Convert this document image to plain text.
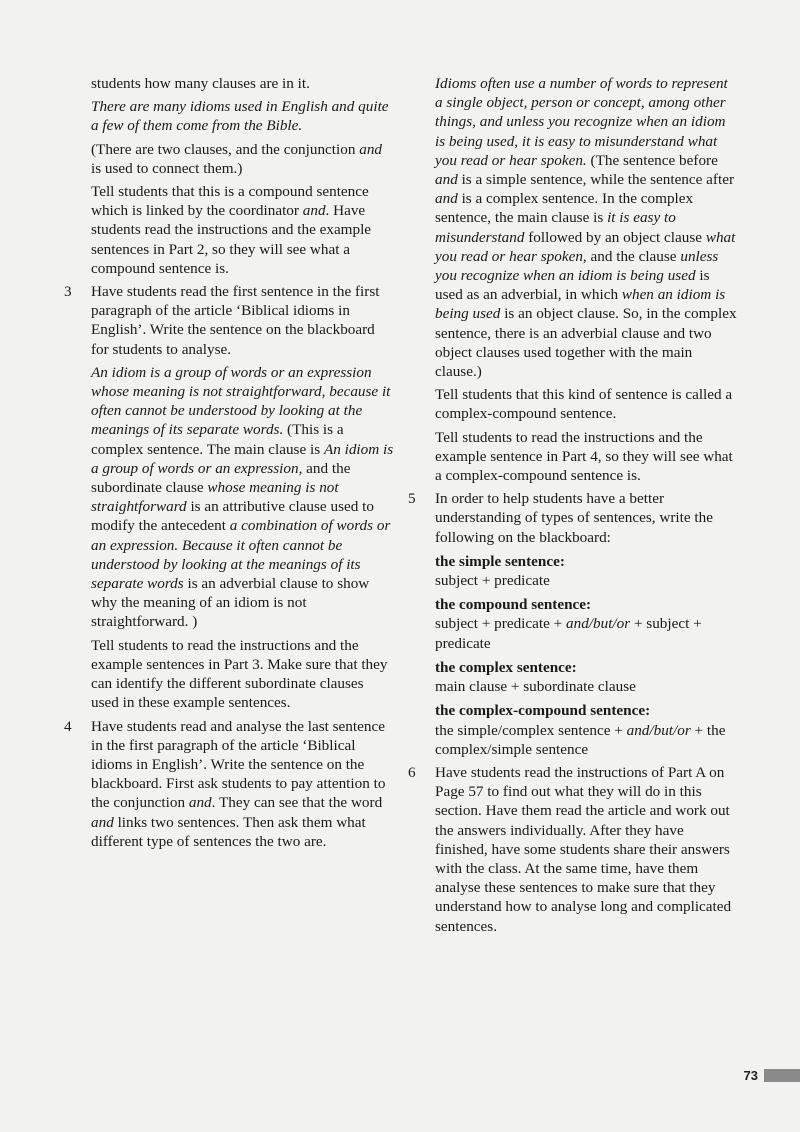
students how many clauses are in it.

There are many idioms used in English and quite a few of them come from the Bible.

(There are two clauses, and the conjunction and is used to connect them.)

Tell students that this is a compound sentence which is linked by the coordinator and. Have students read the instructions and the example sentences in Part 2, so they will see what a compound sentence is.

3 Have students read the first sentence in the first paragraph of the article ‘Biblical idioms in English’. Write the sentence on the blackboard for students to analyse.

An idiom is a group of words or an expression whose meaning is not straightforward, because it often cannot be understood by looking at the meanings of its separate words. (This is a complex sentence. The main clause is An idiom is a group of words or an expression, and the subordinate clause whose meaning is not straightforward is an attributive clause used to modify the antecedent a combination of words or an expression. Because it often cannot be understood by looking at the meanings of its separate words is an adverbial clause to show why the meaning of an idiom is not straightforward. )

Tell students to read the instructions and the example sentences in Part 3. Make sure that they can identify the different subordinate clauses used in these example sentences.

4 Have students read and analyse the last sentence in the first paragraph of the article ‘Biblical idioms in English’. Write the sentence on the blackboard. First ask students to pay attention to the conjunction and. They can see that the word and links two sentences. Then ask them what different type of sentences the two are.

Idioms often use a number of words to represent a single object, person or concept, among other things, and unless you recognize when an idiom is being used, it is easy to misunderstand what you read or hear spoken. (The sentence before and is a simple sentence, while the sentence after and is a complex sentence. In the complex sentence, the main clause is it is easy to misunderstand followed by an object clause what you read or hear spoken, and the clause unless you recognize when an idiom is being used is used as an adverbial, in which when an idiom is being used is an object clause. So, in the complex sentence, there is an adverbial clause and two object clauses used together with the main clause.)

Tell students that this kind of sentence is called a complex-compound sentence.

Tell students to read the instructions and the example sentence in Part 4, so they will see what a complex-compound sentence is.

5 In order to help students have a better understanding of types of sentences, write the following on the blackboard:

the simple sentence:
subject + predicate
the compound sentence:
subject + predicate + and/but/or + subject + predicate
the complex sentence:
main clause + subordinate clause
the complex-compound sentence:
the simple/complex sentence + and/but/or + the complex/simple sentence

6 Have students read the instructions of Part A on Page 57 to find out what they will do in this section. Have them read the article and work out the answers individually. After they have finished, have some students share their answers with the class. At the same time, have them analyse these sentences to make sure that they understand how to analyse long and complicated sentences.

73
